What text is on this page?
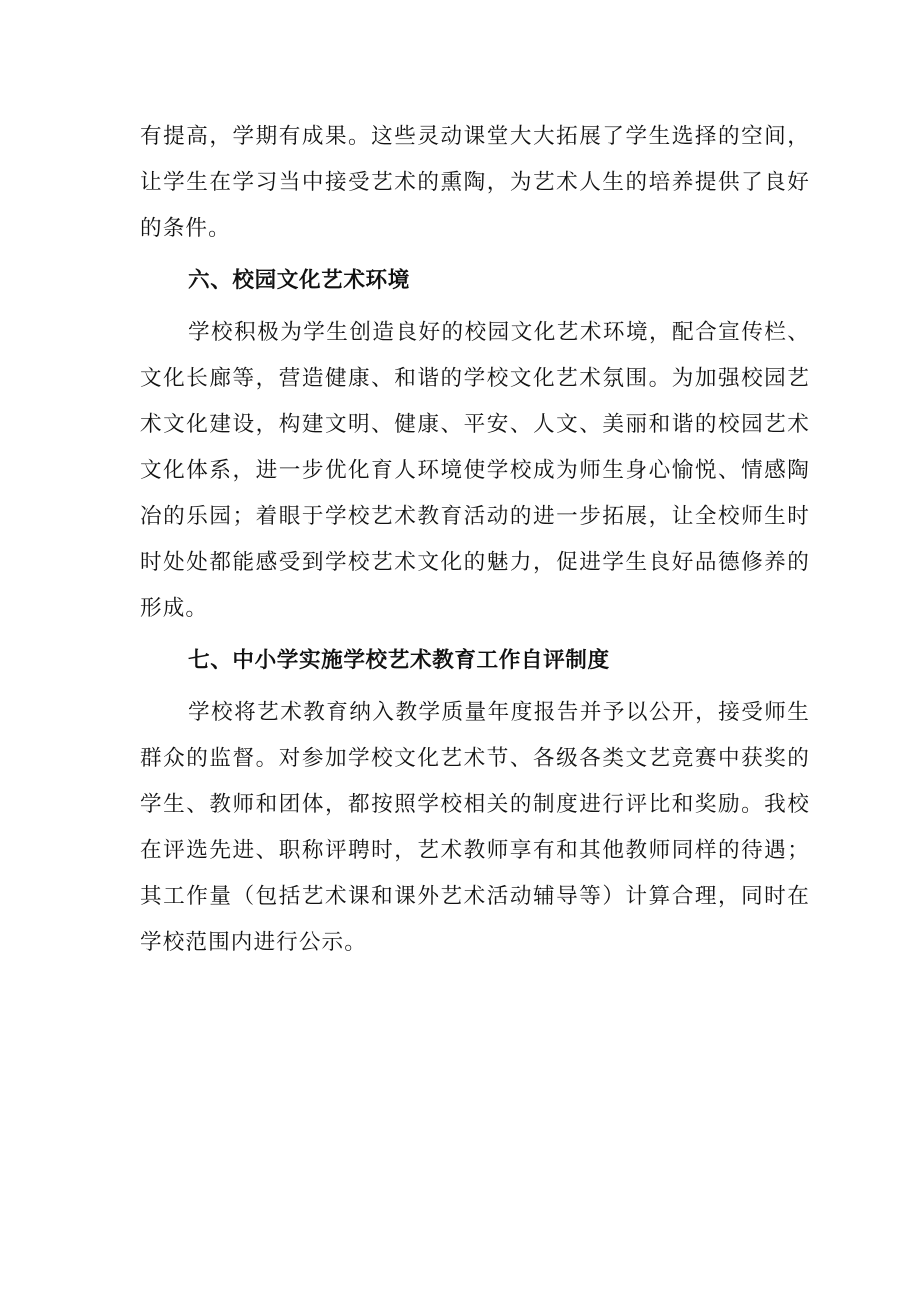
有提高，学期有成果。这些灵动课堂大大拓展了学生选择的空间，让学生在学习当中接受艺术的熏陶，为艺术人生的培养提供了良好的条件。

六、校园文化艺术环境

学校积极为学生创造良好的校园文化艺术环境，配合宣传栏、文化长廊等，营造健康、和谐的学校文化艺术氛围。为加强校园艺术文化建设，构建文明、健康、平安、人文、美丽和谐的校园艺术文化体系，进一步优化育人环境使学校成为师生身心愉悦、情感陶冶的乐园；着眼于学校艺术教育活动的进一步拓展，让全校师生时时处处都能感受到学校艺术文化的魅力，促进学生良好品德修养的形成。

七、中小学实施学校艺术教育工作自评制度

学校将艺术教育纳入教学质量年度报告并予以公开，接受师生群众的监督。对参加学校文化艺术节、各级各类文艺竞赛中获奖的学生、教师和团体，都按照学校相关的制度进行评比和奖励。我校在评选先进、职称评聘时，艺术教师享有和其他教师同样的待遇；其工作量（包括艺术课和课外艺术活动辅导等）计算合理，同时在学校范围内进行公示。
